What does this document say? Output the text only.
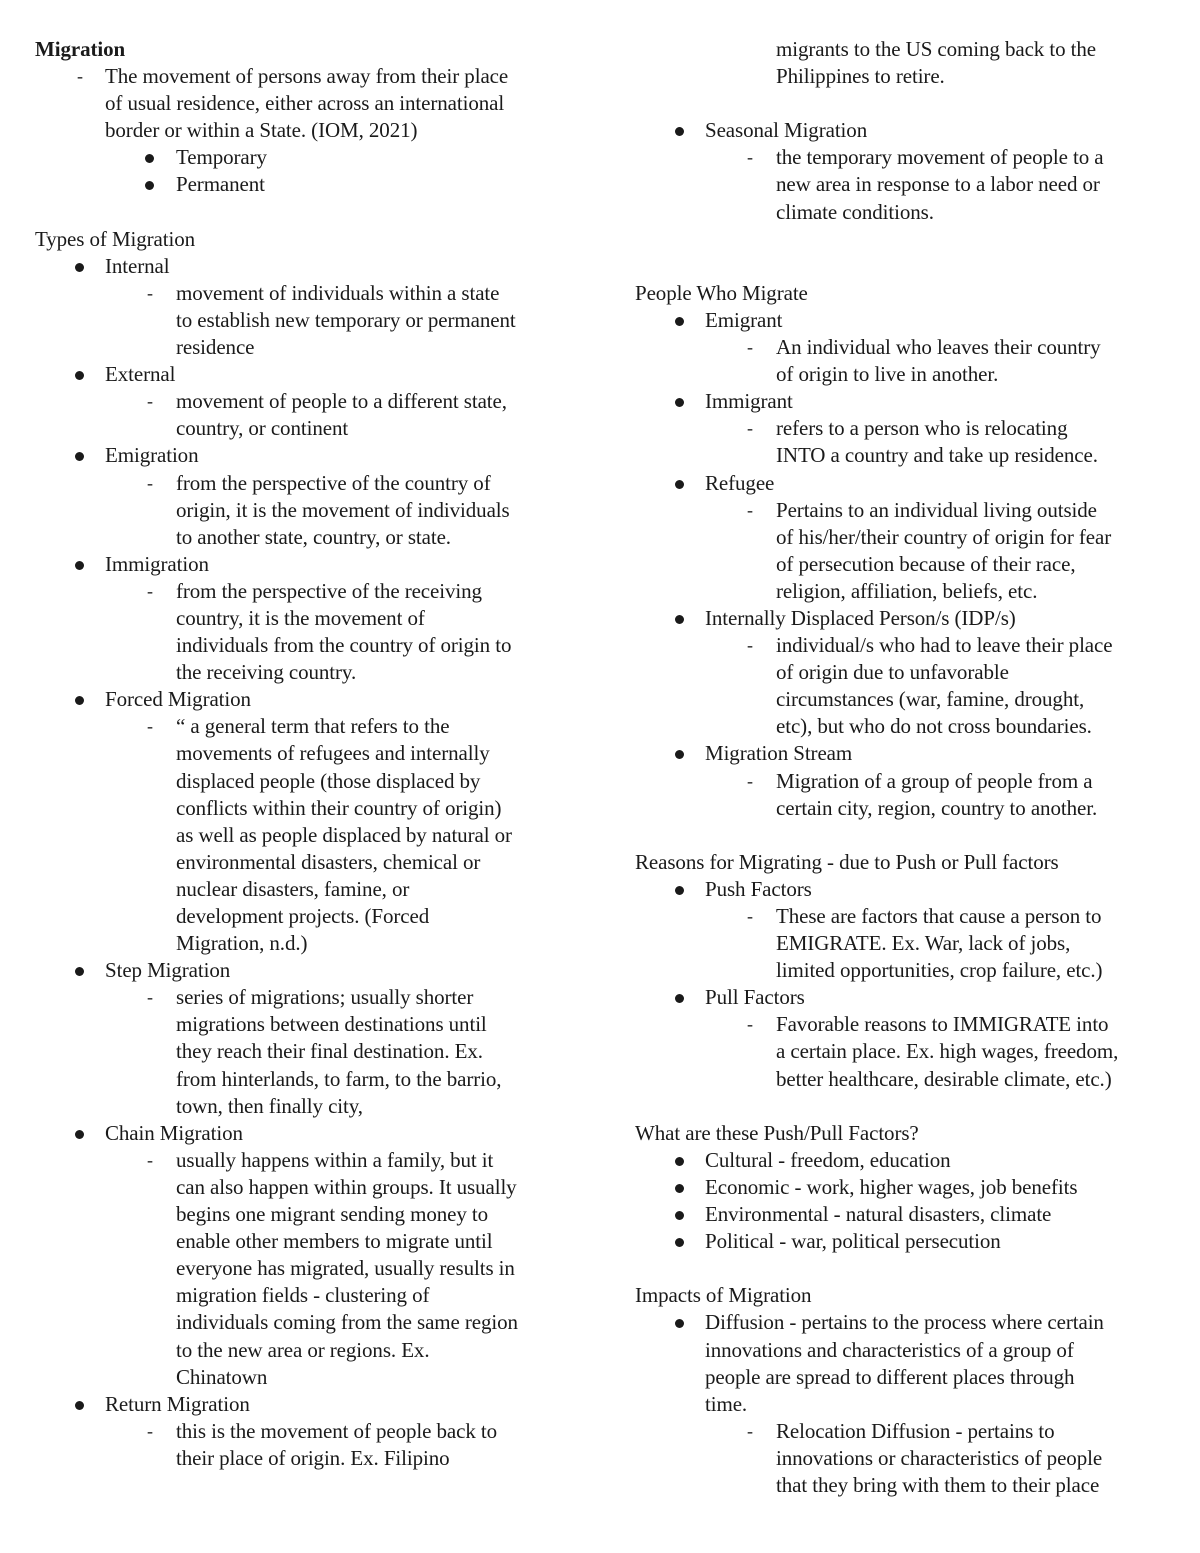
Migration
-	The movement of persons away from their place
of usual residence, either across an international
border or within a State. (IOM, 2021)
Temporary
Permanent
Types of Migration
Internal
-	movement of individuals within a state
to establish new temporary or permanent
residence
External
-	movement of people to a different state,
country, or continent
Emigration
-	from the perspective of the country of
origin, it is the movement of individuals
to another state, country, or state.
Immigration
-	from the perspective of the receiving
country, it is the movement of
individuals from the country of origin to
the receiving country.
Forced Migration
-	“ a general term that refers to the
movements of refugees and internally
displaced people (those displaced by
conflicts within their country of origin)
as well as people displaced by natural or
environmental disasters, chemical or
nuclear disasters, famine, or
development projects. (Forced
Migration, n.d.)
Step Migration
-	series of migrations; usually shorter
migrations between destinations until
they reach their final destination. Ex.
from hinterlands, to farm, to the barrio,
town, then finally city,
Chain Migration
-	usually happens within a family, but it
can also happen within groups. It usually
begins one migrant sending money to
enable other members to migrate until
everyone has migrated, usually results in
migration fields - clustering of
individuals coming from the same region
to the new area or regions. Ex.
Chinatown
Return Migration
-	this is the movement of people back to
their place of origin. Ex. Filipino
migrants to the US coming back to the
Philippines to retire.
Seasonal Migration
-	the temporary movement of people to a
new area in response to a labor need or
climate conditions.
People Who Migrate
Emigrant
-	An individual who leaves their country
of origin to live in another.
Immigrant
-	refers to a person who is relocating
INTO a country and take up residence.
Refugee
-	Pertains to an individual living outside
of his/her/their country of origin for fear
of persecution because of their race,
religion, affiliation, beliefs, etc.
Internally Displaced Person/s (IDP/s)
-	individual/s who had to leave their place
of origin due to unfavorable
circumstances (war, famine, drought,
etc), but who do not cross boundaries.
Migration Stream
-	Migration of a group of people from a
certain city, region, country to another.
Reasons for Migrating - due to Push or Pull factors
Push Factors
-	These are factors that cause a person to
EMIGRATE. Ex. War, lack of jobs,
limited opportunities, crop failure, etc.)
Pull Factors
-	Favorable reasons to IMMIGRATE into
a certain place. Ex. high wages, freedom,
better healthcare, desirable climate, etc.)
What are these Push/Pull Factors?
Cultural - freedom, education
Economic - work, higher wages, job benefits
Environmental - natural disasters, climate
Political - war, political persecution
Impacts of Migration
Diffusion - pertains to the process where certain
innovations and characteristics of a group of
people are spread to different places through
time.
-	Relocation Diffusion - pertains to
innovations or characteristics of people
that they bring with them to their place
